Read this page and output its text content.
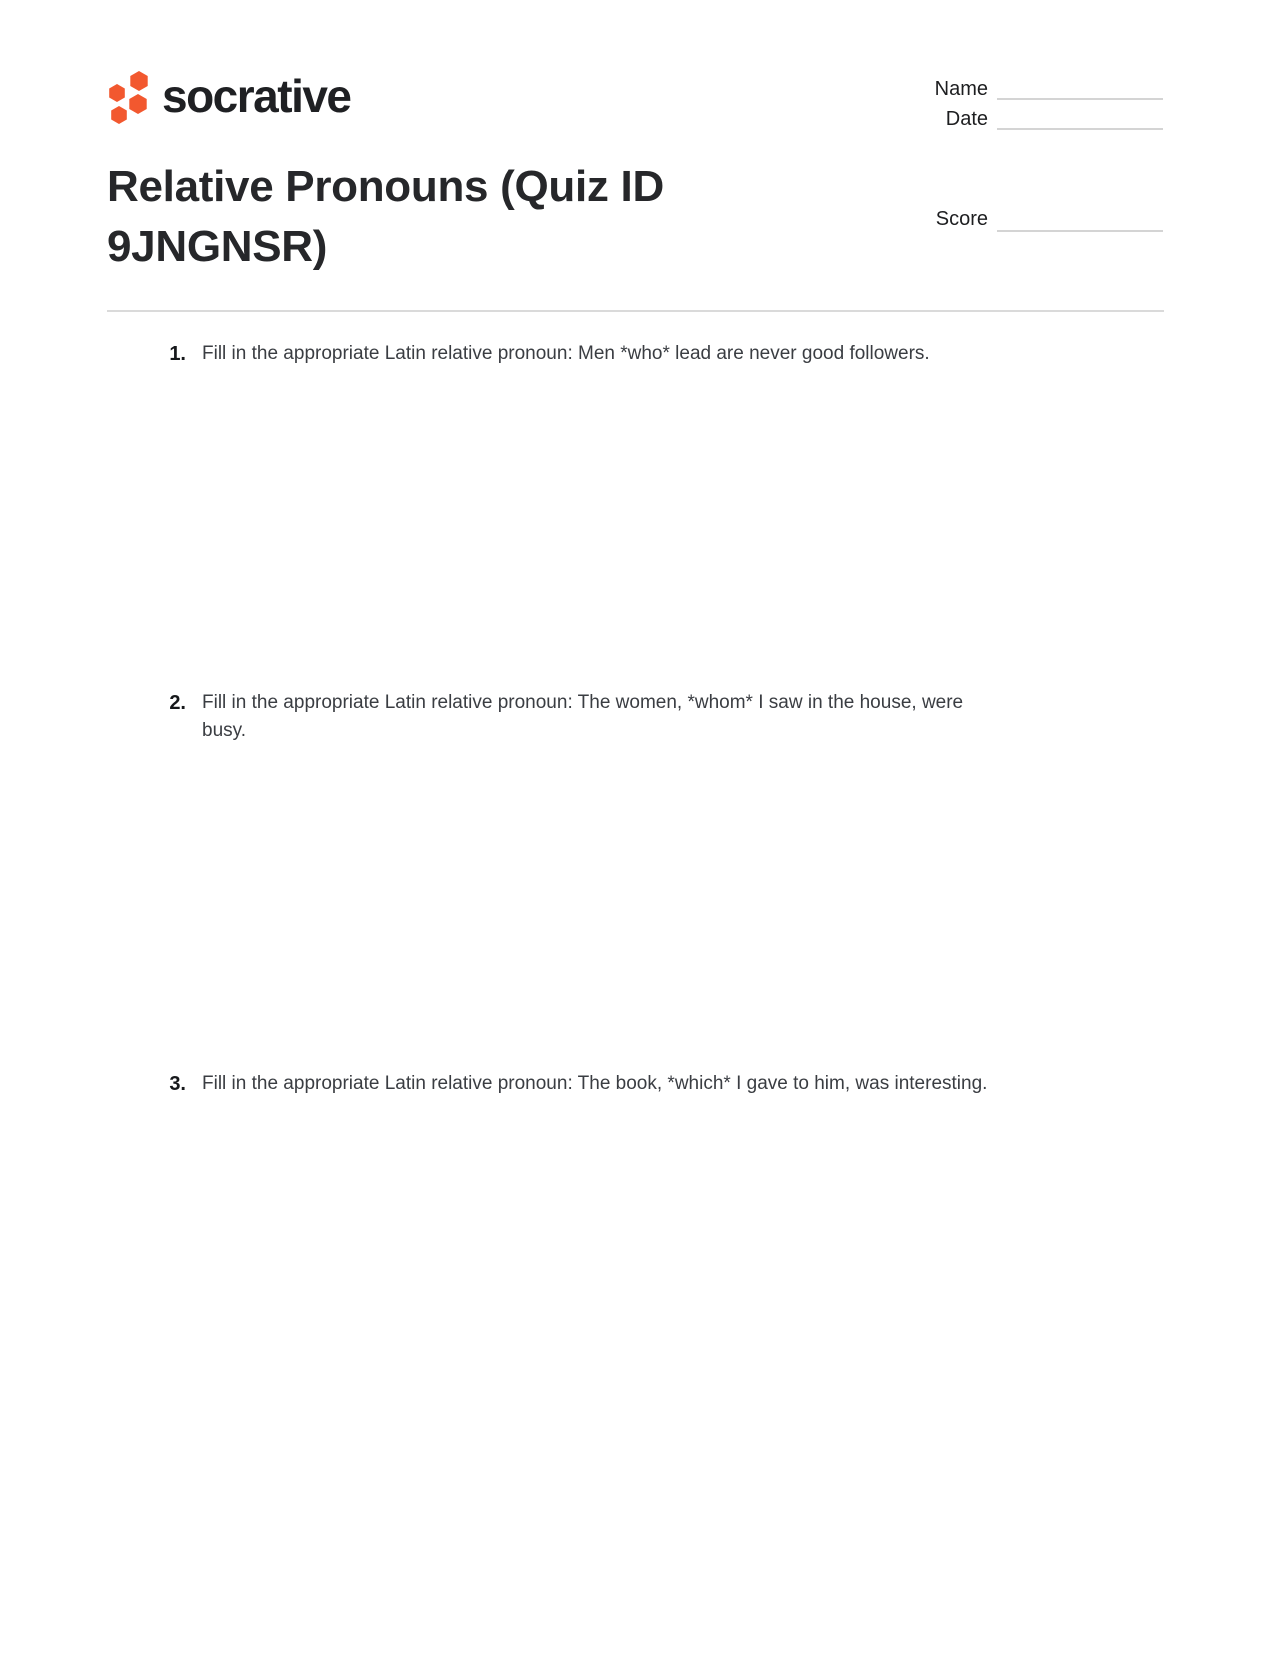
socrative	Name
Date
Score
Relative Pronouns (Quiz ID 9JNGNSR)
1. Fill in the appropriate Latin relative pronoun: Men *who* lead are never good followers.
2. Fill in the appropriate Latin relative pronoun: The women, *whom* I saw in the house, were busy.
3. Fill in the appropriate Latin relative pronoun: The book, *which* I gave to him, was interesting.
